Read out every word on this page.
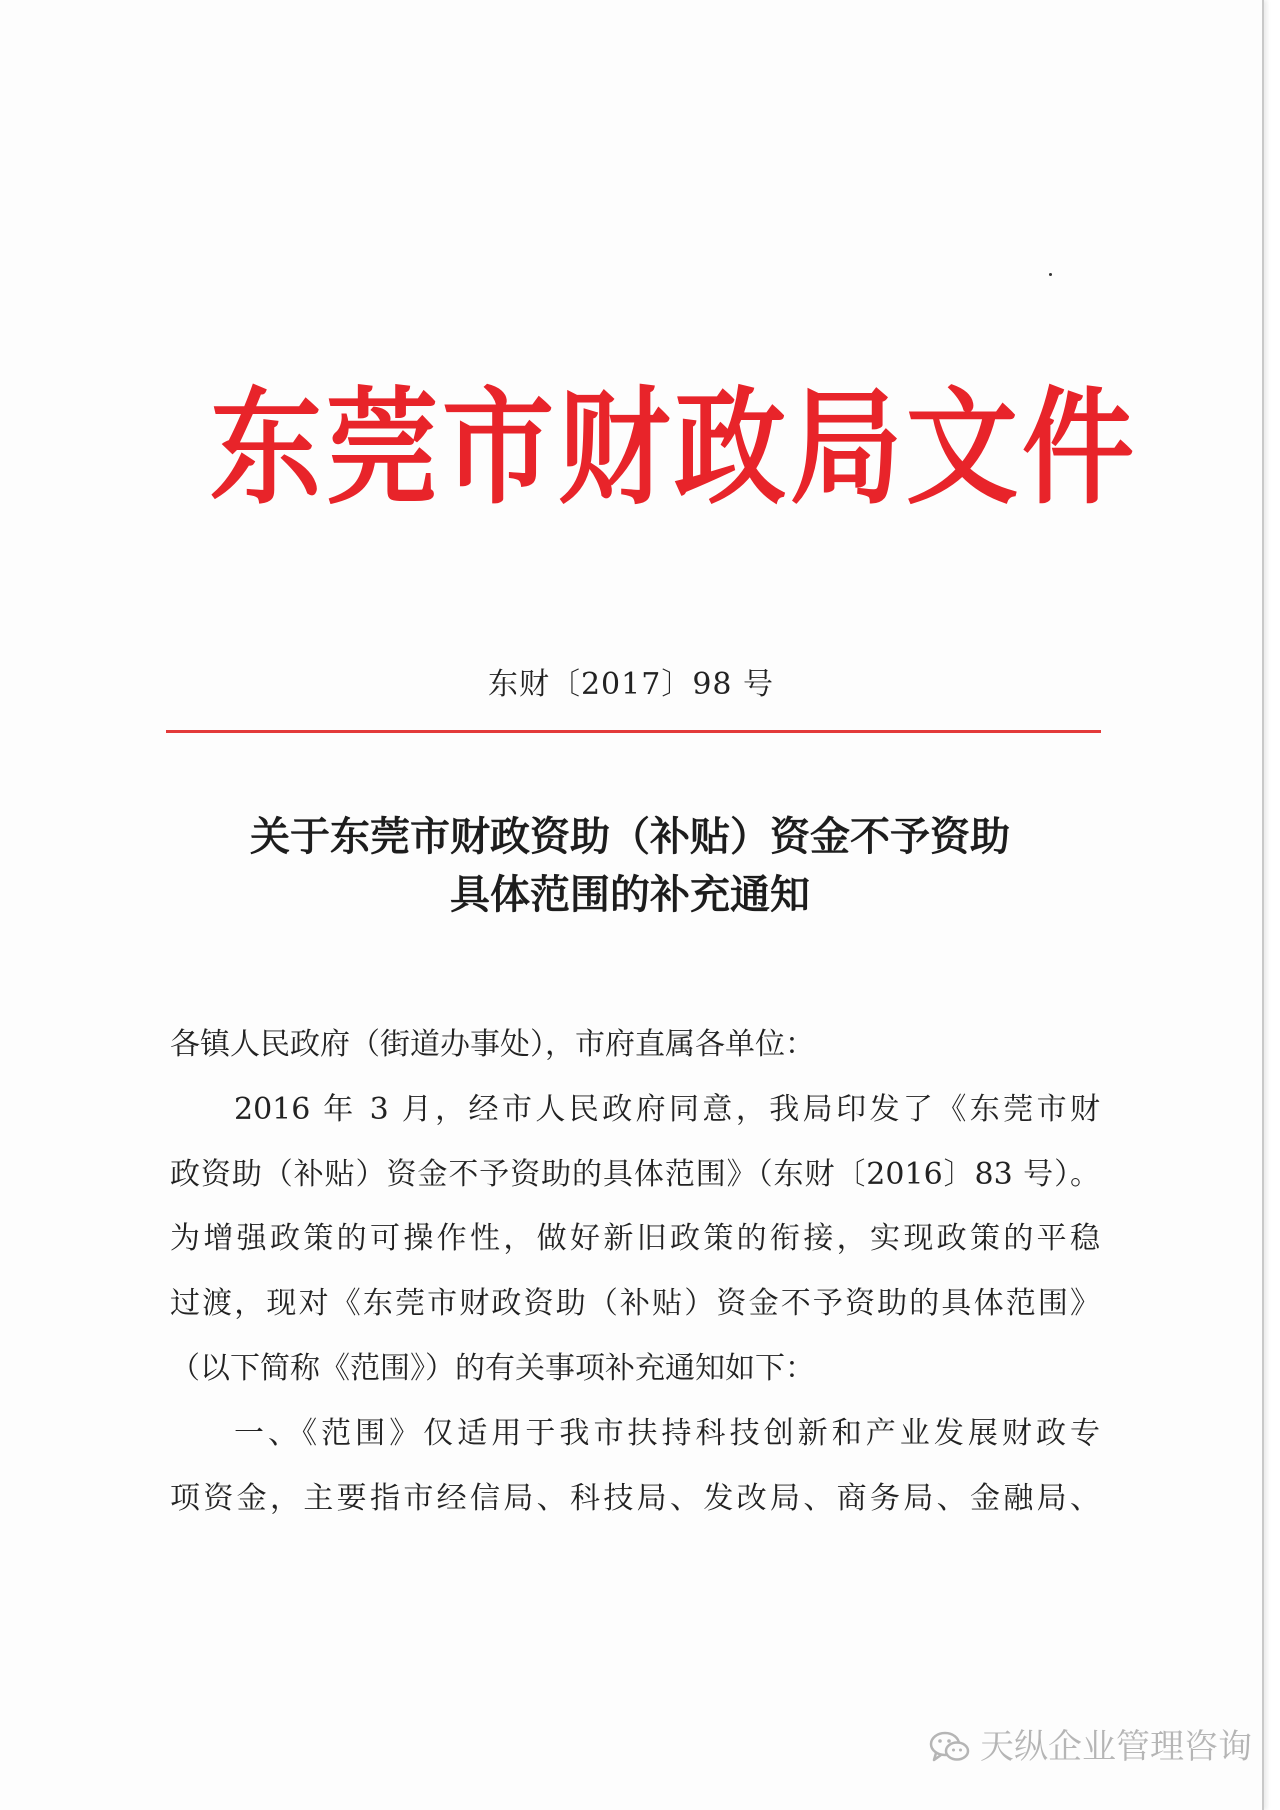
东莞市财政局文件
东财〔2017〕98 号
关于东莞市财政资助（补贴）资金不予资助
具体范围的补充通知

各镇人民政府（街道办事处），市府直属各单位：

2016 年 3 月，经市人民政府同意，我局印发了《东莞市财

政资助（补贴）资金不予资助的具体范围》（东财〔2016〕83 号）。

为增强政策的可操作性，做好新旧政策的衔接，实现政策的平稳

过渡，现对《东莞市财政资助（补贴）资金不予资助的具体范围》

（以下简称《范围》）的有关事项补充通知如下：

一、《范围》仅适用于我市扶持科技创新和产业发展财政专

项资金，主要指市经信局、科技局、发改局、商务局、金融局、

天纵企业管理咨询
